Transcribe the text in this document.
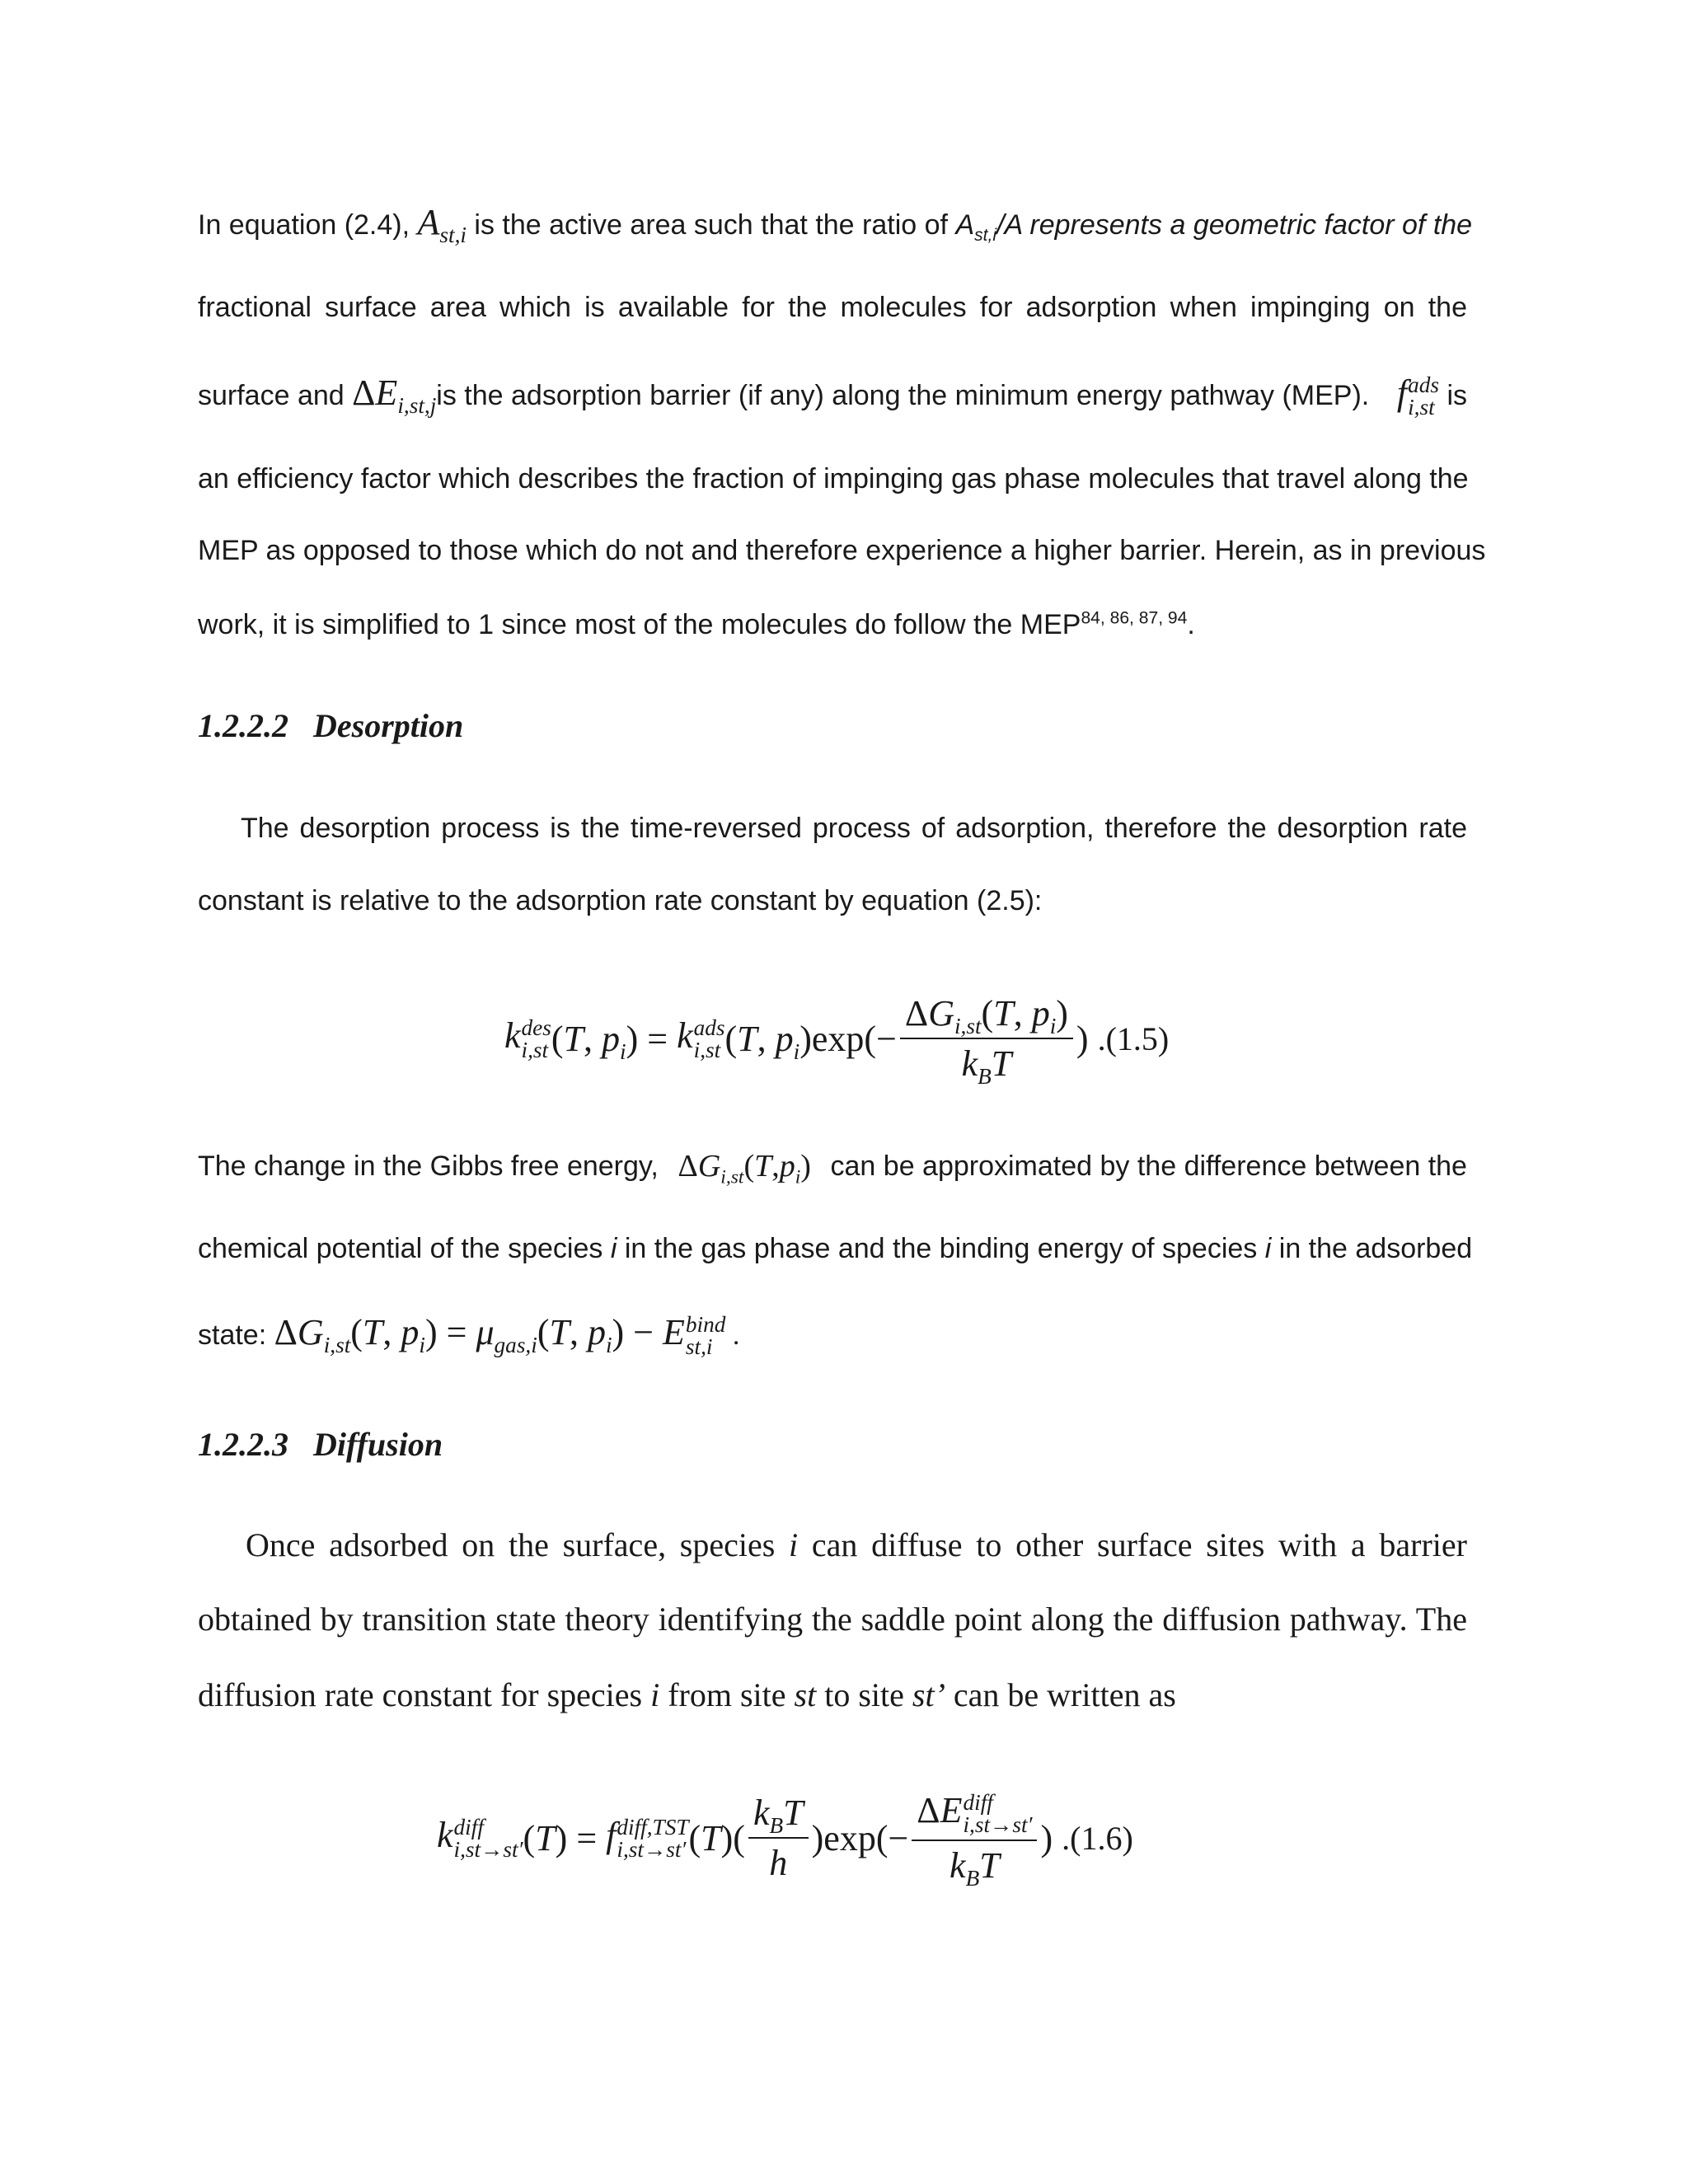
In equation (2.4), $A_{st,i}$ is the active area such that the ratio of $A_{st,i}/A$ represents a geometric factor of the
fractional surface area which is available for the molecules for adsorption when impinging on the
surface and $\Delta E_{i,st,j}is$ the adsorption barrier (if any) along the minimum energy pathway (MEP). f ads
i,st is
an efficiency factor which describes the fraction of impinging gas phase molecules that travel along the
MEP as opposed to those which do not and therefore experience a higher barrier. Herein, as in previous
work, it is simplified to 1 since most of the molecules do follow the MEP$^{84, 86, 87, 94}$.
1.2.2.2 Desorption
The desorption process is the time-reversed process of adsorption, therefore the desorption rate
constant is relative to the adsorption rate constant by equation (2.5):
k des
i,st ( T , $p_i$ ) = k ads
i,st ( T , $p_i$ ) $\exp(- \frac{\Delta G_{i,st}(T, p_i)}{k_BT}$ ) .(1.5)
The change in the Gibbs free energy, $\Delta G_{i,st}(T,p_i)$ can be approximated by the difference between the
chemical potential of the species i in the gas phase and the binding energy of species i in the adsorbed
state: $\Delta G_{i,st}(T$, $p_i) = \mu_{gas,i}(T$, $p_i) - E$ bind
st,i .
1.2.2.3 Diffusion
Once adsorbed on the surface, species i can diffuse to other surface sites with a barrier
obtained by transition state theory identifying the saddle point along the diffusion pathway. The
diffusion rate constant for species i from site st to site st’ can be written as
k diff
i,st→st′ ( T ) = f diff,TST
i,st→st′ ( T )( $\frac{k_BT}{h} )\exp(- \Delta E$ diff
i,st→st′
$k_BT$ ) .(1.6)
